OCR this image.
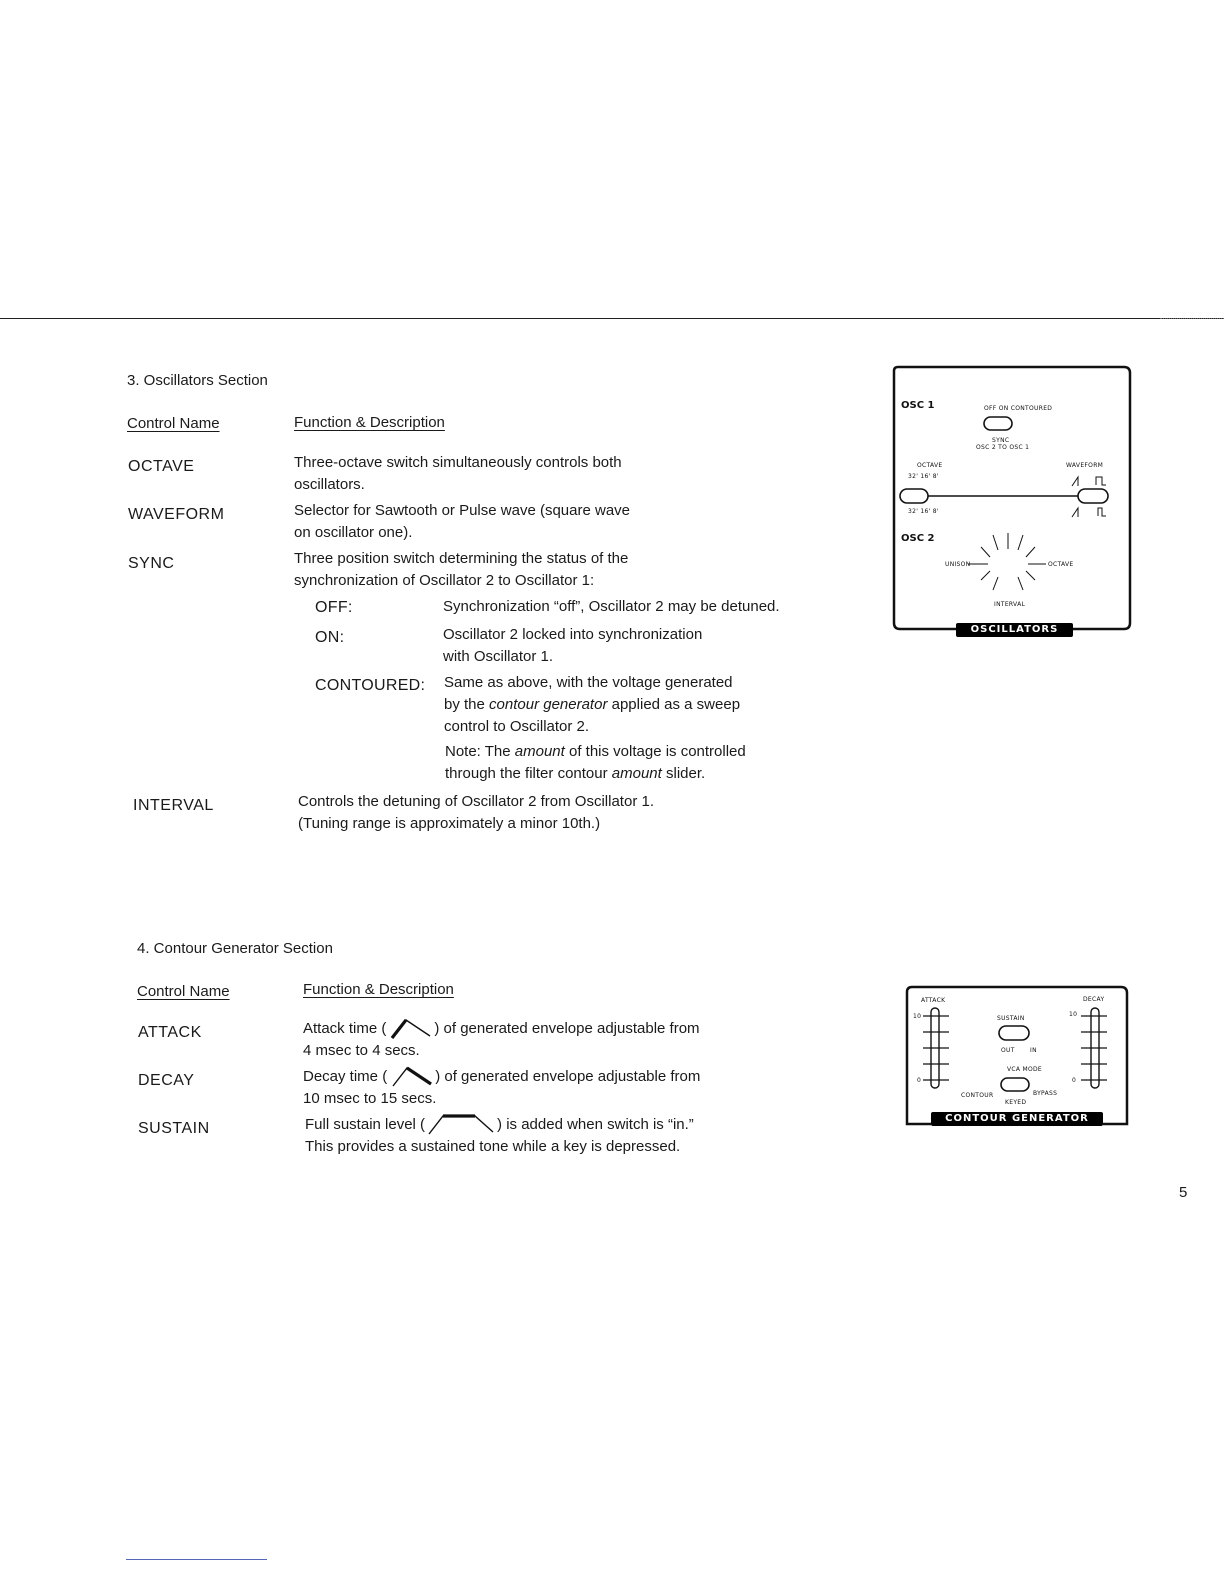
3. Oscillators Section
Control Name	Function & Description
OCTAVE	Three-octave switch simultaneously controls both
oscillators.
WAVEFORM	Selector for Sawtooth or Pulse wave (square wave
on oscillator one).
SYNC	Three position switch determining the status of the
synchronization of Oscillator 2 to Oscillator 1:
OFF:	Synchronization “off”, Oscillator 2 may be detuned.
ON:	Oscillator 2 locked into synchronization
with Oscillator 1.
CONTOURED: Same as above, with the voltage generated
by the contour generator applied as a sweep
control to Oscillator 2.
Note: The amount of this voltage is controlled
through the filter contour amount slider.
INTERVAL	Controls the detuning of Oscillator 2 from Oscillator 1.
(Tuning range is approximately a minor 10th.)
OSC 1	OFF ON CONTOURED
SYNC
OSC 2 TO OSC 1
OCTAVE
32' 16' 8'
WAVEFORM
32' 16' 8'
OSC 2
UNISON	OCTAVE
INTERVAL
OSCILLATORS
4. Contour Generator Section
Control Name	Function & Description
ATTACK	Attack time (	) of generated envelope adjustable from
4 msec to 4 secs.
DECAY	Decay time (	) of generated envelope adjustable from
10 msec to 15 secs.
SUSTAIN	Full sustain level (	) is added when switch is “in.”
This provides a sustained tone while a key is depressed.
ATTACK	DECAY
10	10
SUSTAIN
OUT	IN
VCA MODE
0	0
CONTOUR	BYPASS
KEYED
CONTOUR GENERATOR
5
